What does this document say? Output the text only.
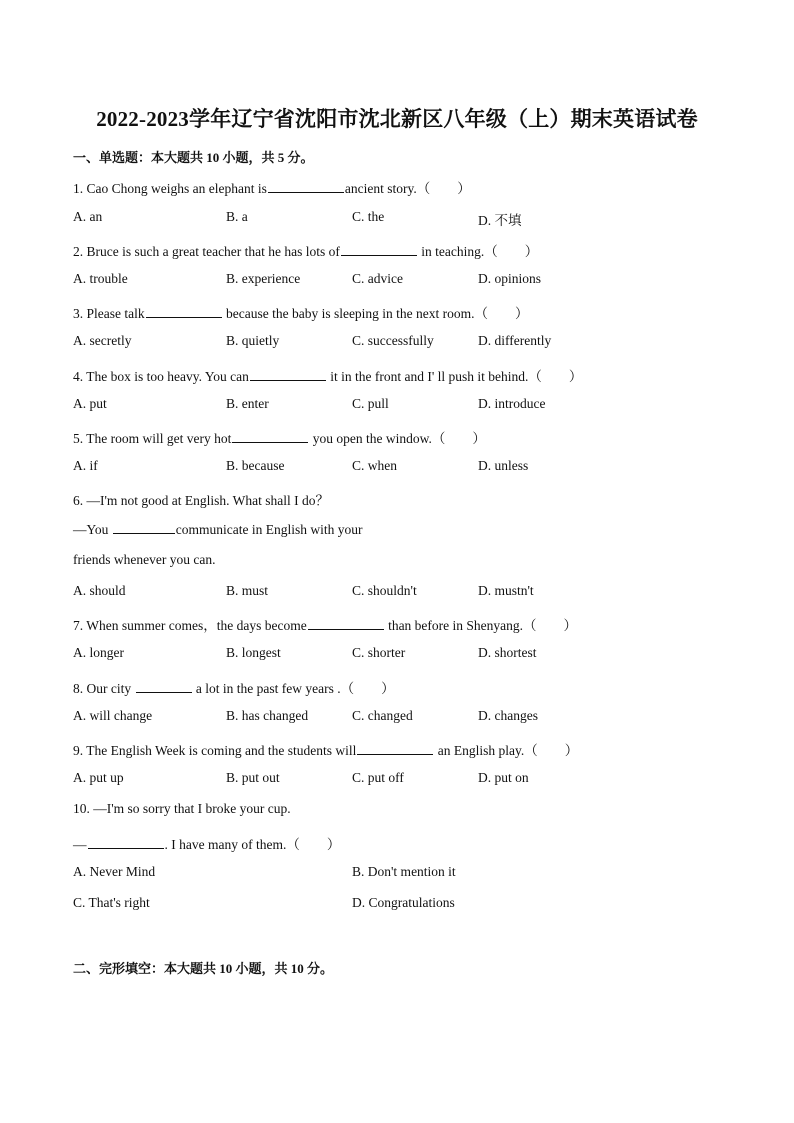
2022-2023学年辽宁省沈阳市沈北新区八年级（上）期末英语试卷
一、单选题：本大题共 10 小题，共 5 分。
1. Cao Chong weighs an elephant is	ancient story.（　　）
A. an	B. a	C. the	D. 不填
2. Bruce is such a great teacher that he has lots of	in teaching.（　　）
A. trouble	B. experience	C. advice	D. opinions
3. Please talk	because the baby is sleeping in the next room.（　　）
A. secretly	B. quietly	C. successfully	D. differently
4. The box is too heavy. You can	it in the front and I' ll push it behind.（　　）
A. put	B. enter	C. pull	D. introduce
5. The room will get very hot	you open the window.（　　）
A. if	B. because	C. when	D. unless
6. —I'm not good at English. What shall I do？
—You	communicate in English with your
friends whenever you can.
A. should	B. must	C. shouldn't	D. mustn't
7. When summer comes，the days become	than before in Shenyang.（　　）
A. longer	B. longest	C. shorter	D. shortest
8. Our city	a lot in the past few years .（　　）
A. will change	B. has changed	C. changed	D. changes
9. The English Week is coming and the students will	an English play.（　　）
A. put up	B. put out	C. put off	D. put on
10. —I'm so sorry that I broke your cup.
—	. I have many of them.（　　）
A. Never Mind	B. Don't mention it
C. That's right	D. Congratulations
二、完形填空：本大题共 10 小题，共 10 分。
